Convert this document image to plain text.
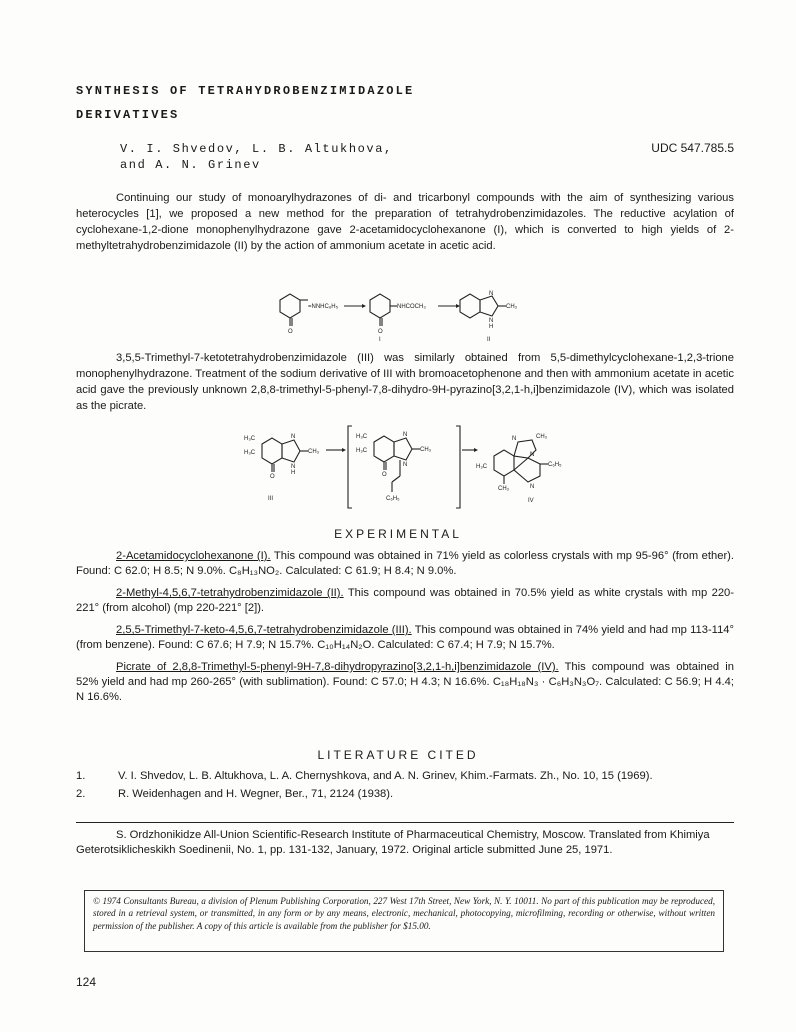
SYNTHESIS OF TETRAHYDROBENZIMIDAZOLE
DERIVATIVES
V. I. Shvedov, L. B. Altukhova,
and A. N. Grinev
UDC 547.785.5

Continuing our study of monoarylhydrazones of di- and tricarbonyl compounds with the aim of synthesizing various heterocycles [1], we proposed a new method for the preparation of tetrahydrobenzimidazoles. The reductive acylation of cyclohexane-1,2-dione monophenylhydrazone gave 2-acetamidocyclohexanone (I), which is converted to high yields of 2-methyltetrahydrobenzimidazole (II) by the action of ammonium acetate in acetic acid.

=NNHC₆H₅	NHCOCH₃	CH₃
O	O
N
N
H
I	II

3,5,5-Trimethyl-7-ketotetrahydrobenzimidazole (III) was similarly obtained from 5,5-dimethylcyclohexane-1,2,3-trione monophenylhydrazone. Treatment of the sodium derivative of III with bromoacetophenone and then with ammonium acetate in acetic acid gave the previously unknown 2,8,8-trimethyl-5-phenyl-7,8-dihydro-9H-pyrazino[3,2,1-h,i]benzimidazole (IV), which was isolated as the picrate.

H₃C
H₃C	CH₃
N
N
H
O
III
H₃C
H₃C	CH₃
N
N
O
C₆H₅
H₃C
CH₃
CH₃
C₆H₅
N
N
N
IV
EXPERIMENTAL

2-Acetamidocyclohexanone (I). This compound was obtained in 71% yield as colorless crystals with mp 95-96° (from ether). Found: C 62.0; H 8.5; N 9.0%. C₈H₁₃NO₂. Calculated: C 61.9; H 8.4; N 9.0%.

2-Methyl-4,5,6,7-tetrahydrobenzimidazole (II). This compound was obtained in 70.5% yield as white crystals with mp 220-221° (from alcohol) (mp 220-221° [2]).

2,5,5-Trimethyl-7-keto-4,5,6,7-tetrahydrobenzimidazole (III). This compound was obtained in 74% yield and had mp 113-114° (from benzene). Found: C 67.6; H 7.9; N 15.7%. C₁₀H₁₄N₂O. Calculated: C 67.4; H 7.9; N 15.7%.

Picrate of 2,8,8-Trimethyl-5-phenyl-9H-7,8-dihydropyrazino[3,2,1-h,i]benzimidazole (IV). This compound was obtained in 52% yield and had mp 260-265° (with sublimation). Found: C 57.0; H 4.3; N 16.6%. C₁₈H₁₈N₃ · C₆H₃N₃O₇. Calculated: C 56.9; H 4.4; N 16.6%.

LITERATURE CITED
1.	V. I. Shvedov, L. B. Altukhova, L. A. Chernyshkova, and A. N. Grinev, Khim.-Farmats. Zh., No. 10, 15 (1969).
2.	R. Weidenhagen and H. Wegner, Ber., 71, 2124 (1938).
S. Ordzhonikidze All-Union Scientific-Research Institute of Pharmaceutical Chemistry, Moscow. Translated from Khimiya Geterotsiklicheskikh Soedinenii, No. 1, pp. 131-132, January, 1972. Original article submitted June 25, 1971.
© 1974 Consultants Bureau, a division of Plenum Publishing Corporation, 227 West 17th Street, New York, N. Y. 10011. No part of this publication may be reproduced, stored in a retrieval system, or transmitted, in any form or by any means, electronic, mechanical, photocopying, microfilming, recording or otherwise, without written permission of the publisher. A copy of this article is available from the publisher for $15.00.
124
